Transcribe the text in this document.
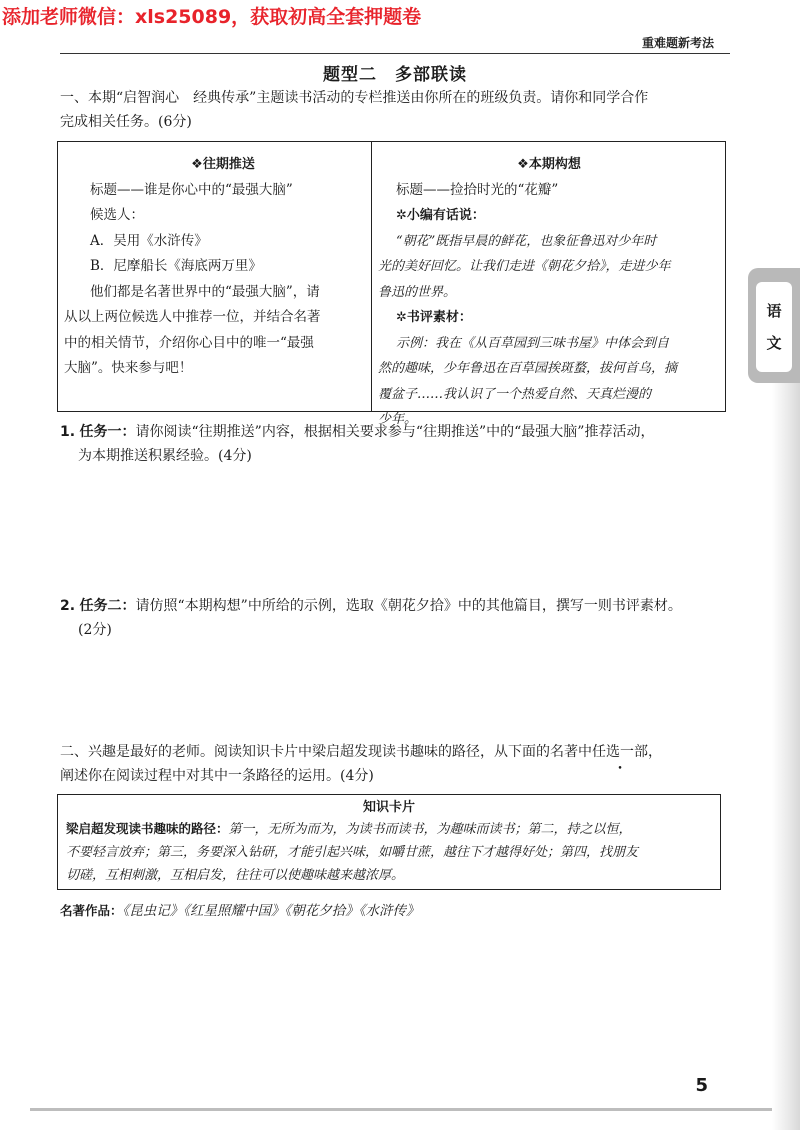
添加老师微信：xls25089，获取初高全套押题卷
重难题新考法
题型二　多部联读
一、本期“启智润心　经典传承”主题读书活动的专栏推送由你所在的班级负责。请你和同学合作
完成相关任务。(6分)
❖往期推送
标题——谁是你心中的“最强大脑”
候选人：
A．吴用《水浒传》
B．尼摩船长《海底两万里》
他们都是名著世界中的“最强大脑”，请
从以上两位候选人中推荐一位，并结合名著
中的相关情节，介绍你心目中的唯一“最强
大脑”。快来参与吧！
❖本期构想
标题——捡拾时光的“花瓣”
✲小编有话说：
“朝花”既指早晨的鲜花，也象征鲁迅对少年时
光的美好回忆。让我们走进《朝花夕拾》，走进少年
鲁迅的世界。
✲书评素材：
示例：我在《从百草园到三味书屋》中体会到自
然的趣味，少年鲁迅在百草园挨斑蝥，拔何首乌，摘
覆盆子……我认识了一个热爱自然、天真烂漫的
少年。
1. 任务一：请你阅读“往期推送”内容，根据相关要求参与“往期推送”中的“最强大脑”推荐活动，
为本期推送积累经验。(4分)
2. 任务二：请仿照“本期构想”中所给的示例，选取《朝花夕拾》中的其他篇目，撰写一则书评素材。
(2分)
二、兴趣是最好的老师。阅读知识卡片中梁启超发现读书趣味的路径，从下面的名著中任选一部，
阐述你在阅读过程中对其中一条路径的运用。(4分)
知识卡片
梁启超发现读书趣味的路径：第一，无所为而为，为读书而读书，为趣味而读书；第二，持之以恒，
不要轻言放弃；第三，务要深入钻研，才能引起兴味，如嚼甘蔗，越往下才越得好处；第四，找朋友
切磋，互相刺激，互相启发，往往可以使趣味越来越浓厚。
名著作品：《昆虫记》《红星照耀中国》《朝花夕拾》《水浒传》
语
文
5
